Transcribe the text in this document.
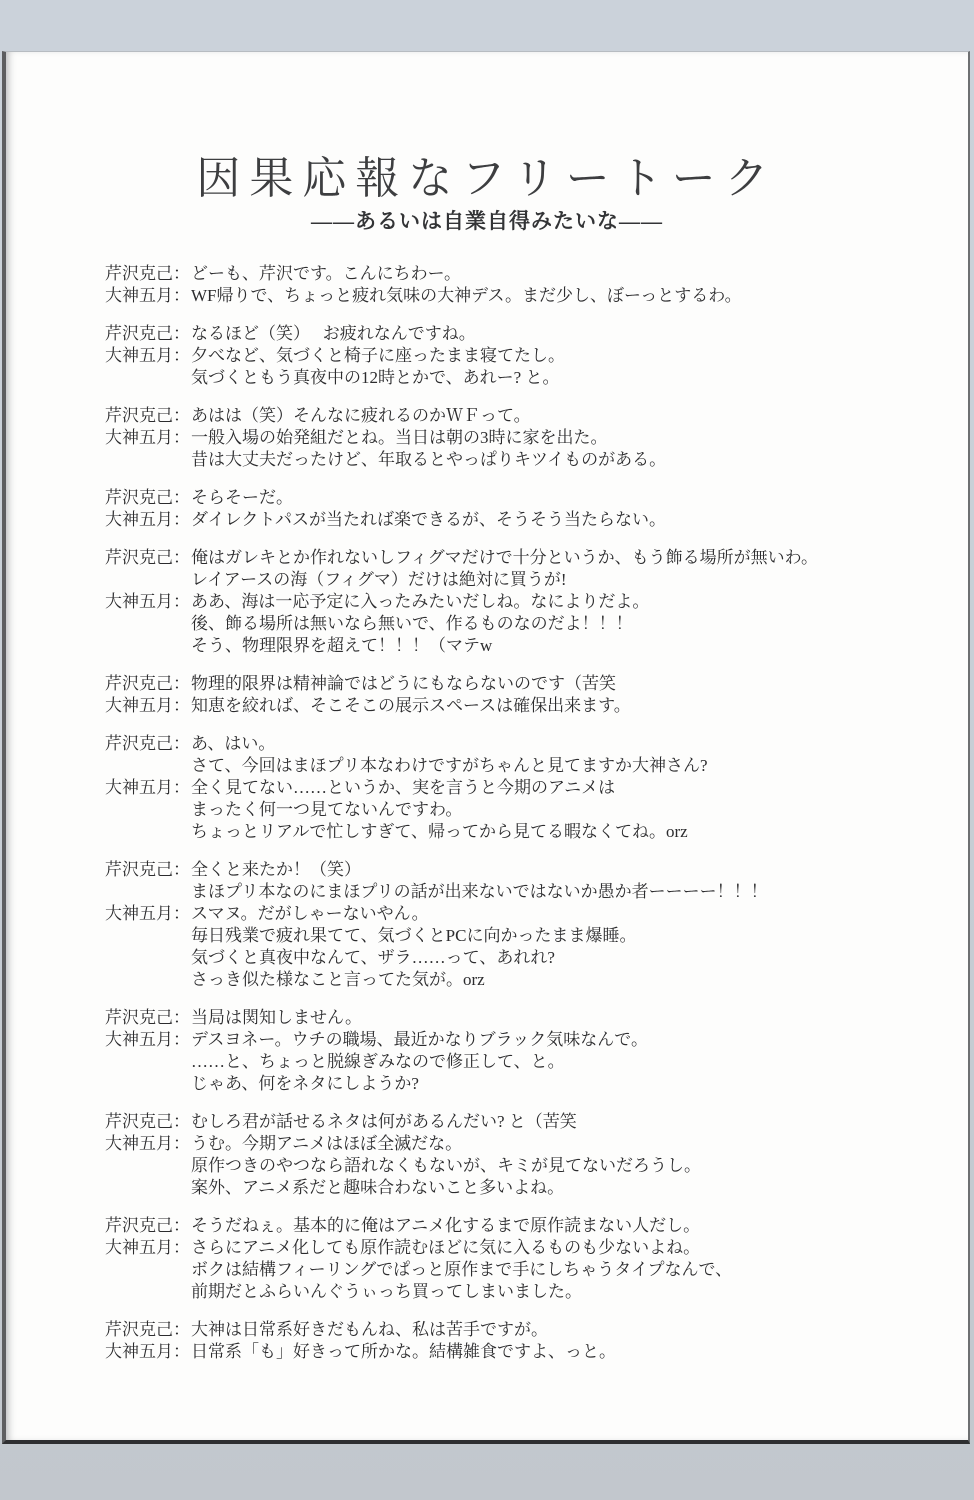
因果応報なフリートーク
――あるいは自業自得みたいな――
芹沢克己： どーも、芹沢です。こんにちわー。
大神五月： WF帰りで、ちょっと疲れ気味の大神デス。まだ少し、ぼーっとするわ。
芹沢克己： なるほど（笑）　 お疲れなんですね。
大神五月： 夕べなど、気づくと椅子に座ったまま寝てたし。
気づくともう真夜中の12時とかで、あれー? と。
芹沢克己： あはは（笑）そんなに疲れるのかＷＦって。
大神五月： 一般入場の始発組だとね。当日は朝の3時に家を出た。
昔は大丈夫だったけど、年取るとやっぱりキツイものがある。
芹沢克己： そらそーだ。
大神五月： ダイレクトパスが当たれば楽できるが、そうそう当たらない。
芹沢克己： 俺はガレキとか作れないしフィグマだけで十分というか、もう飾る場所が無いわ。
レイアースの海（フィグマ）だけは絶対に買うが!
大神五月： ああ、海は一応予定に入ったみたいだしね。なによりだよ。
後、飾る場所は無いなら無いで、作るものなのだよ！！！
そう、物理限界を超えて！！！（マテw
芹沢克己： 物理的限界は精神論ではどうにもならないのです（苦笑
大神五月： 知恵を絞れば、そこそこの展示スペースは確保出来ます。
芹沢克己： あ、はい。
さて、今回はまほプリ本なわけですがちゃんと見てますか大神さん?
大神五月： 全く見てない……というか、実を言うと今期のアニメは
まったく何一つ見てないんですわ。
ちょっとリアルで忙しすぎて、帰ってから見てる暇なくてね。orz
芹沢克己： 全くと来たか！（笑）
まほプリ本なのにまほプリの話が出来ないではないか愚か者ーーーー！！！
大神五月： スマヌ。だがしゃーないやん。
毎日残業で疲れ果てて、気づくとPCに向かったまま爆睡。
気づくと真夜中なんて、ザラ……って、あれれ?
さっき似た様なこと言ってた気が。orz
芹沢克己： 当局は関知しません。
大神五月： デスヨネー。ウチの職場、最近かなりブラック気味なんで。
……と、ちょっと脱線ぎみなので修正して、と。
じゃあ、何をネタにしようか?
芹沢克己： むしろ君が話せるネタは何があるんだい? と（苦笑
大神五月： うむ。今期アニメはほぼ全滅だな。
原作つきのやつなら語れなくもないが、キミが見てないだろうし。
案外、アニメ系だと趣味合わないこと多いよね。
芹沢克己： そうだねぇ。基本的に俺はアニメ化するまで原作読まない人だし。
大神五月： さらにアニメ化しても原作読むほどに気に入るものも少ないよね。
ボクは結構フィーリングでぱっと原作まで手にしちゃうタイプなんで、
前期だとふらいんぐうぃっち買ってしまいました。
芹沢克己： 大神は日常系好きだもんね、私は苦手ですが。
大神五月： 日常系「も」好きって所かな。結構雑食ですよ、っと。
